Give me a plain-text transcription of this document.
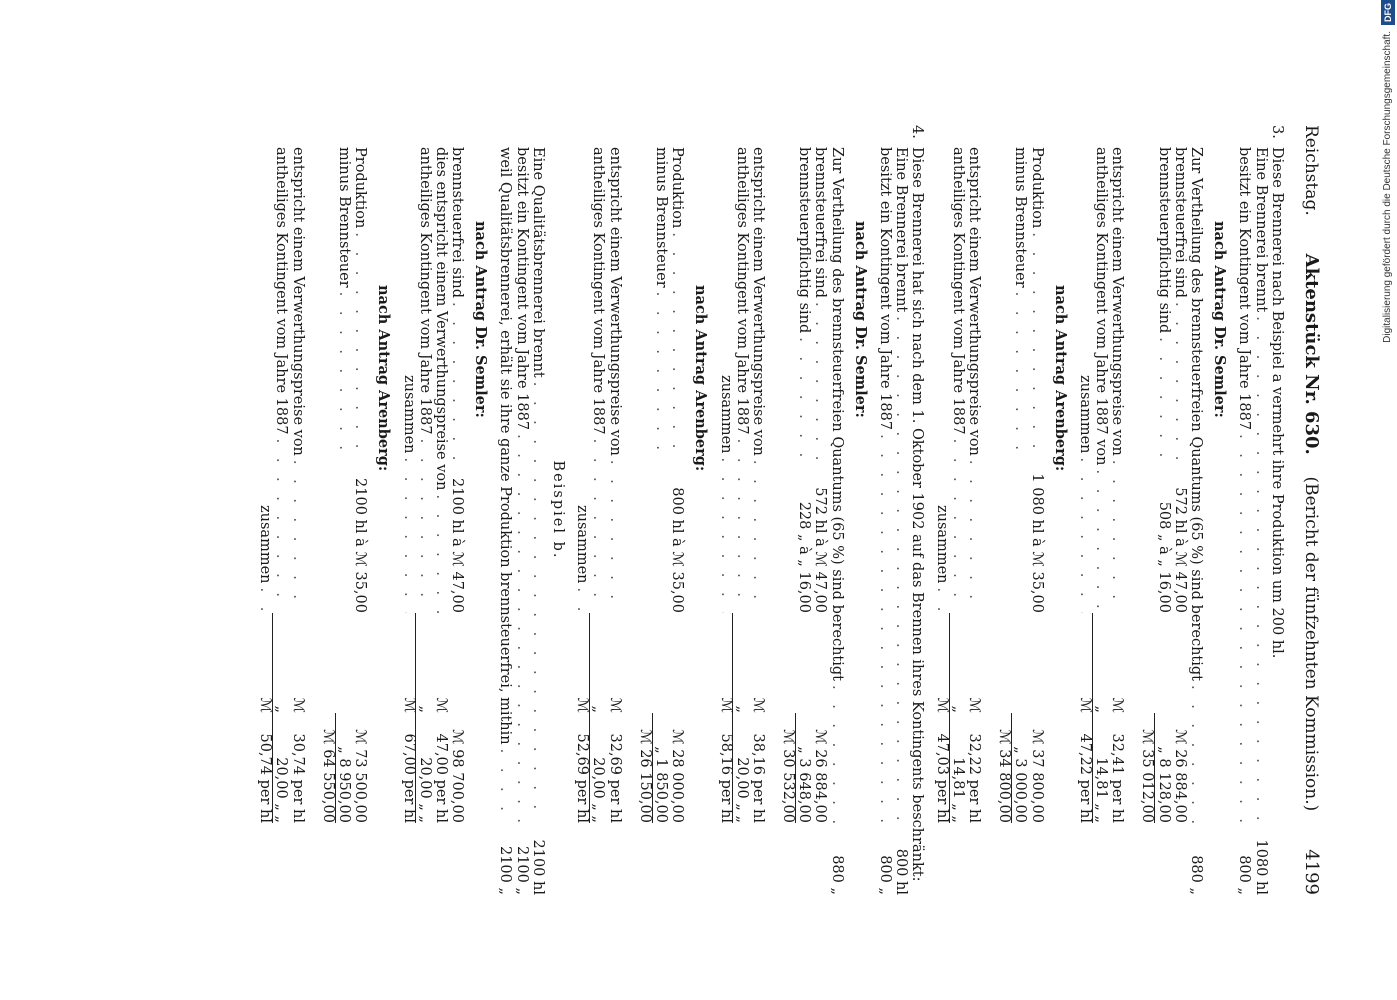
Reichstag.
Aktenstück Nr. 630.    (Bericht der fünfzehnten Kommission.)
4199
3.
Diese Brennerei nach Beispiel a vermehrt ihre Produktion um 200 hl.
Eine Brennerei brennt
. . .
1080 hl
besitzt ein Kontingent vom Jahre 1887
. . .
800 „
nach Antrag Dr. Semler:
Zur Vertheilung des brennsteuerfreien Quantums (65 %) sind berechtigt
. . .
880 „
brennsteuerfrei sind
. . .
572 hl à ℳ 47,00
ℳ 26 884,00
brennsteuerpflichtig sind
. . .
508 „ à „ 16,00
„ 8 128,00
ℳ 35 012,00
entspricht einem Verwerthungspreise von
. . .
ℳ
32,41 per hl
antheiliges Kontingent vom Jahre 1887 von
. . .
„
14,81 „ „
zusammen
. . .
ℳ
47,22 per hl
nach Antrag Arenberg:
Produktion
. . .
1 080 hl à ℳ 35,00
ℳ 37 800,00
minus Brennsteuer
. . .
„ 3 000,00
ℳ 34 800,00
entspricht einem Verwerthungspreise von
. . .
ℳ
32,22 per hl
antheiliges Kontingent vom Jahre 1887
. . .
„
14,81 „ „
zusammen
. . .
ℳ
47,03 per hl
4.
Diese Brennerei hat sich nach dem 1. Oktober 1902 auf das Brennen ihres Kontingents beschränkt:
Eine Brennerei brennt
. . .
800 hl
besitzt ein Kontingent vom Jahre 1887
. . .
800 „
nach Antrag Dr. Semler:
Zur Vertheilung des brennsteuerfreien Quantums (65 %) sind berechtigt
. . .
880 „
brennsteuerfrei sind
. . .
572 hl à ℳ 47,00
ℳ 26 884,00
brennsteuerpflichtig sind
. . .
228 „ à „ 16,00
„ 3 648,00
ℳ 30 532,00
entspricht einem Verwerthungspreise von
. . .
ℳ
38,16 per hl
antheiliges Kontingent vom Jahre 1887
. . .
„
20,00 „ „
zusammen
. . .
ℳ
58,16 per hl
nach Antrag Arenberg:
Produktion
. . .
800 hl à ℳ 35,00
ℳ 28 000,00
minus Brennsteuer
. . .
„ 1 850,00
ℳ 26 150,00
entspricht einem Verwerthungspreise von
. . .
ℳ
32,69 per hl
antheiliges Kontingent vom Jahre 1887
. . .
„
20,00 „ „
zusammen
. . .
ℳ
52,69 per hl
Beispiel b.
Eine Qualitätsbrennerei brennt
. . .
2100 hl
besitzt ein Kontingent vom Jahre 1887
. . .
2100 „
weil Qualitätsbrennerei, erhält sie ihre ganze Produktion brennsteuerfrei, mithin
. . .
2100 „
nach Antrag Dr. Semler:
brennsteuerfrei sind
. . .
2100 hl à ℳ 47,00
ℳ 98 700,00
dies entspricht einem Verwerthungspreise von
. . .
ℳ
47,00 per hl
antheiliges Kontingent vom Jahre 1887
. . .
„
20,00 „ „
zusammen
. . .
ℳ
67,00 per hl
nach Antrag Arenberg:
Produktion
. . .
2100 hl à ℳ 35,00
ℳ 73 500,00
minus Brennsteuer
. . .
„ 8 950,00
ℳ 64 550,00
entspricht einem Verwerthungspreise von
. . .
ℳ
30,74 per hl
antheiliges Kontingent vom Jahre 1887
. . .
„
20,00 „ „
zusammen
. . .
ℳ
50,74 per hl
Digitalisierung gefördert durch die Deutsche Forschungsgemeinschaft.
DFG
